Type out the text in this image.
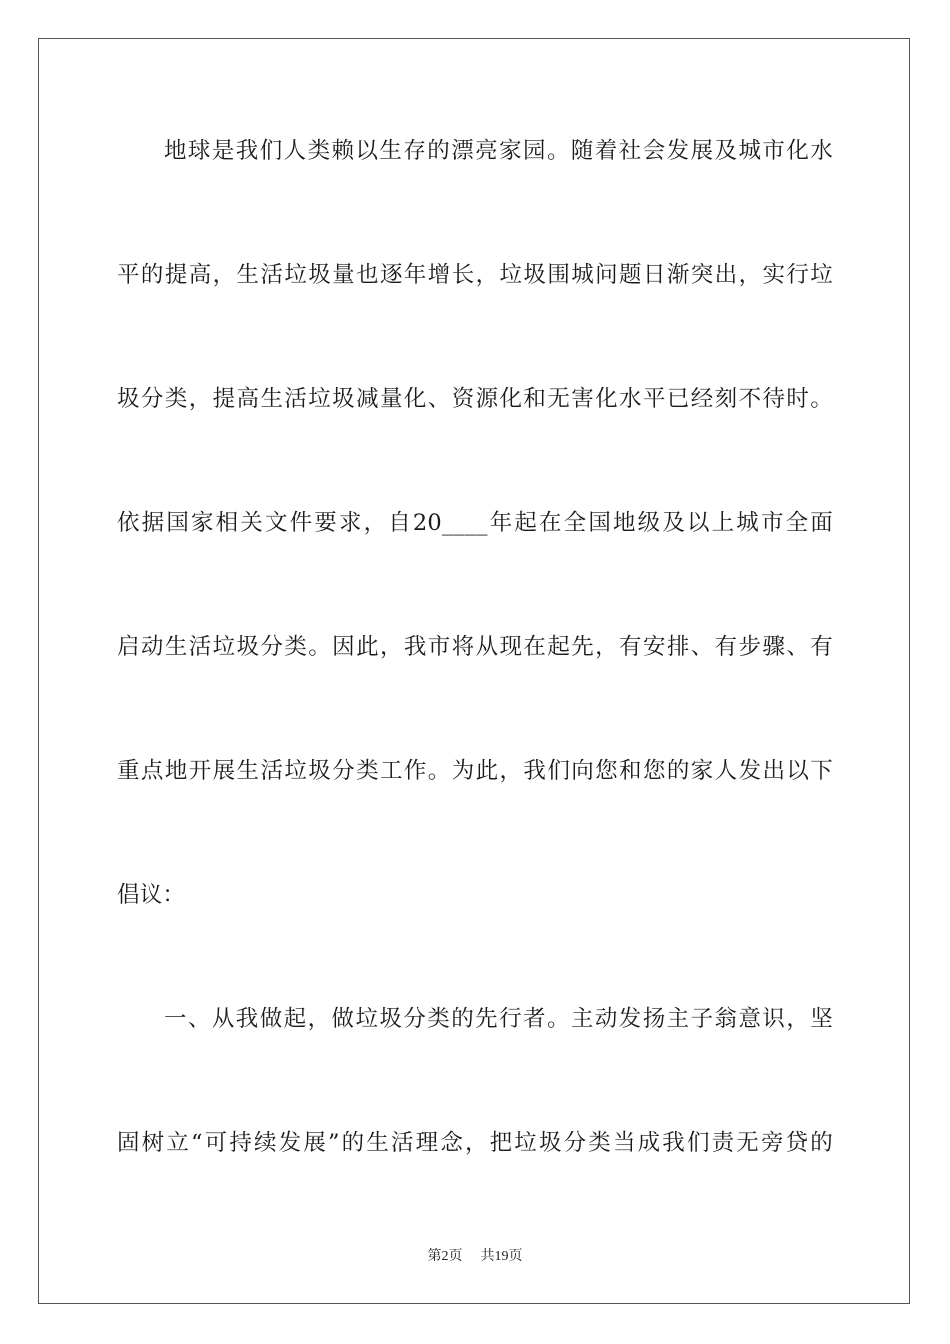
地球是我们人类赖以生存的漂亮家园。随着社会发展及城市化水
平的提高，生活垃圾量也逐年增长，垃圾围城问题日渐突出，实行垃
圾分类，提高生活垃圾减量化、资源化和无害化水平已经刻不待时。
依据国家相关文件要求，自20____年起在全国地级及以上城市全面
启动生活垃圾分类。因此，我市将从现在起先，有安排、有步骤、有
重点地开展生活垃圾分类工作。为此，我们向您和您的家人发出以下
倡议：
一、从我做起，做垃圾分类的先行者。主动发扬主子翁意识，坚
固树立“可持续发展”的生活理念，把垃圾分类当成我们责无旁贷的
第2页 共19页
